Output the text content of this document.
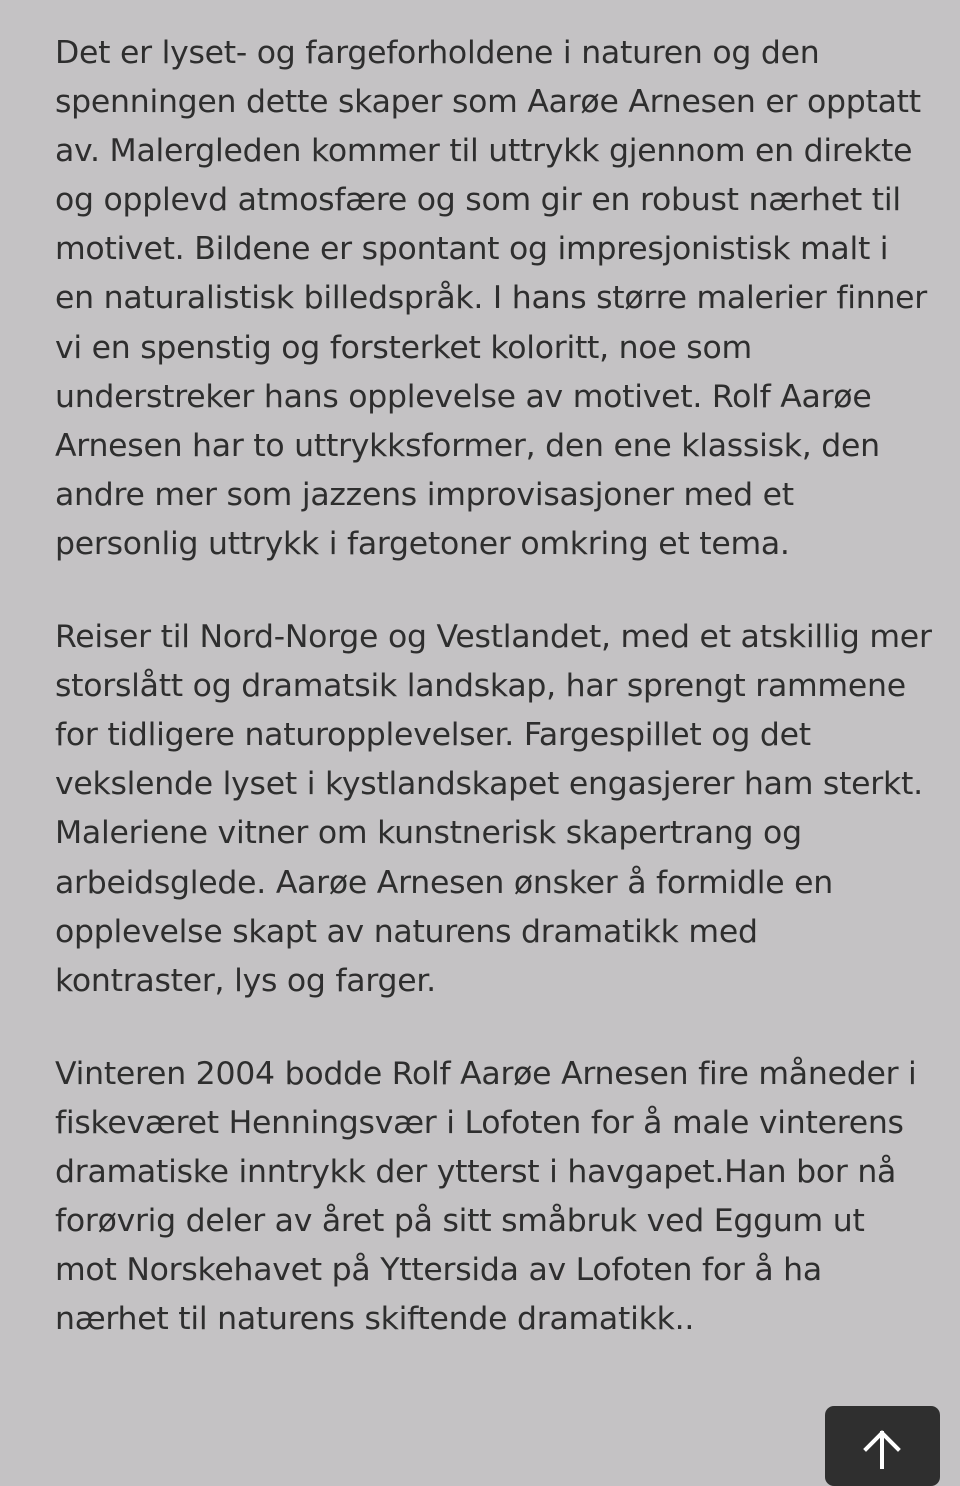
Det er lyset- og fargeforholdene i naturen og den spenningen dette skaper som Aarøe Arnesen er opptatt av. Malergleden kommer til uttrykk gjennom en direkte og opplevd atmosfære og som gir en robust nærhet til motivet. Bildene er spontant og impresjonistisk malt i en naturalistisk billedspråk. I hans større malerier finner vi en spenstig og forsterket koloritt, noe som understreker hans opplevelse av motivet. Rolf Aarøe Arnesen har to uttrykksformer, den ene klassisk, den andre mer som jazzens improvisasjoner med et personlig uttrykk i fargetoner omkring et tema.

Reiser til Nord-Norge og Vestlandet, med et atskillig mer storslått og dramatsik landskap, har sprengt rammene for tidligere naturopplevelser. Fargespillet og det vekslende lyset i kystlandskapet engasjerer ham sterkt. Maleriene vitner om kunstnerisk skapertrang og arbeidsglede. Aarøe Arnesen ønsker å formidle en opplevelse skapt av naturens dramatikk med kontraster, lys og farger.

Vinteren 2004 bodde Rolf Aarøe Arnesen fire måneder i fiskeværet Henningsvær i Lofoten for å male vinterens dramatiske inntrykk der ytterst i havgapet.Han bor nå forøvrig deler av året på sitt småbruk ved Eggum ut mot Norskehavet på Yttersida av Lofoten for å ha nærhet til naturens skiftende dramatikk..
